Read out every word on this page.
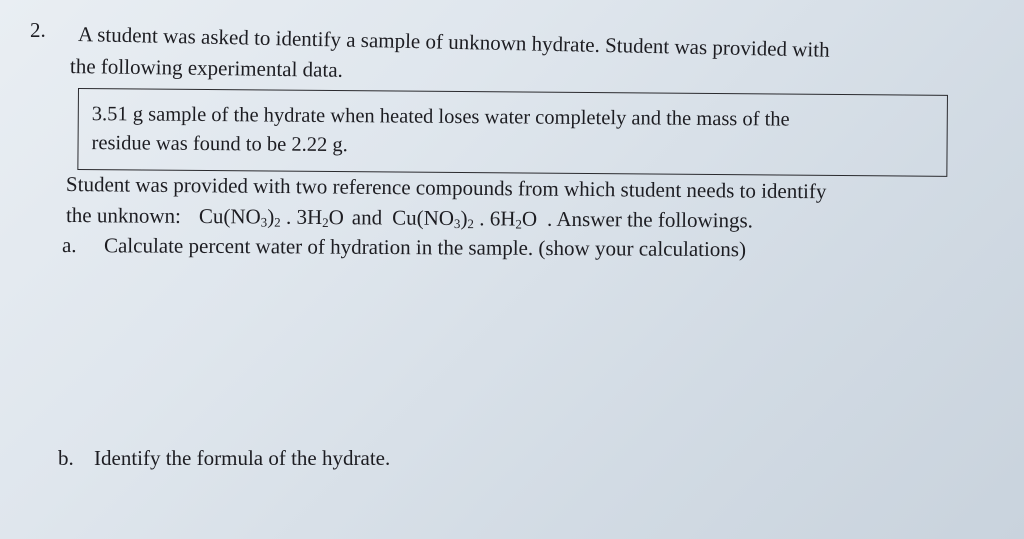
2. A student was asked to identify a sample of unknown hydrate. Student was provided with
the following experimental data.
3.51 g sample of the hydrate when heated loses water completely and the mass of the
residue was found to be 2.22 g.
Student was provided with two reference compounds from which student needs to identify
the unknown: $Cu(NO_3)_2$ . $3H_2O$ and $Cu(NO_3)_2$ . $6H_2O$ . Answer the followings.
a. Calculate percent water of hydration in the sample. (show your calculations)
b. Identify the formula of the hydrate.
